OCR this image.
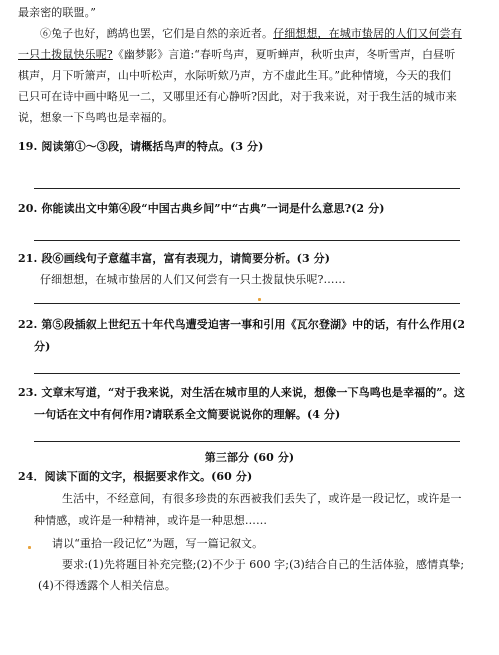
最亲密的联盟。”
⑥兔子也好，鹧鸪也罢，它们是自然的亲近者。仔细想想，在城市蛰居的人们又何尝有
一只土拨鼠快乐呢?《幽梦影》言道:“春听鸟声，夏听蝉声，秋听虫声，冬听雪声，白昼听
棋声，月下听箫声，山中听松声，水际听欸乃声，方不虚此生耳。”此种情境，今天的我们
已只可在诗中画中略见一二，又哪里还有心静听?因此，对于我来说，对于我生活的城市来
说，想象一下鸟鸣也是幸福的。
19. 阅读第①～③段，请概括鸟声的特点。(3 分)
20. 你能读出文中第④段“中国古典乡间”中“古典”一词是什么意思?(2 分)
21. 段⑥画线句子意蕴丰富，富有表现力，请简要分析。(3 分)
仔细想想，在城市蛰居的人们又何尝有一只土拨鼠快乐呢?……
22. 第⑤段插叙上世纪五十年代鸟遭受迫害一事和引用《瓦尔登湖》中的话，有什么作用(2
分)
23. 文章末写道，“对于我来说，对生活在城市里的人来说，想像一下鸟鸣也是幸福的”。这
一句话在文中有何作用?请联系全文简要说说你的理解。(4 分)
第三部分 (60 分)
24．阅读下面的文字，根据要求作文。(60 分)
生活中，不经意间，有很多珍贵的东西被我们丢失了，或许是一段记忆，或许是一
种情感，或许是一种精神，或许是一种思想……
请以“重拾一段记忆”为题，写一篇记叙文。
要求:(1)先将题目补充完整;(2)不少于 600 字;(3)结合自己的生活体验，感情真挚;
(4)不得透露个人相关信息。
